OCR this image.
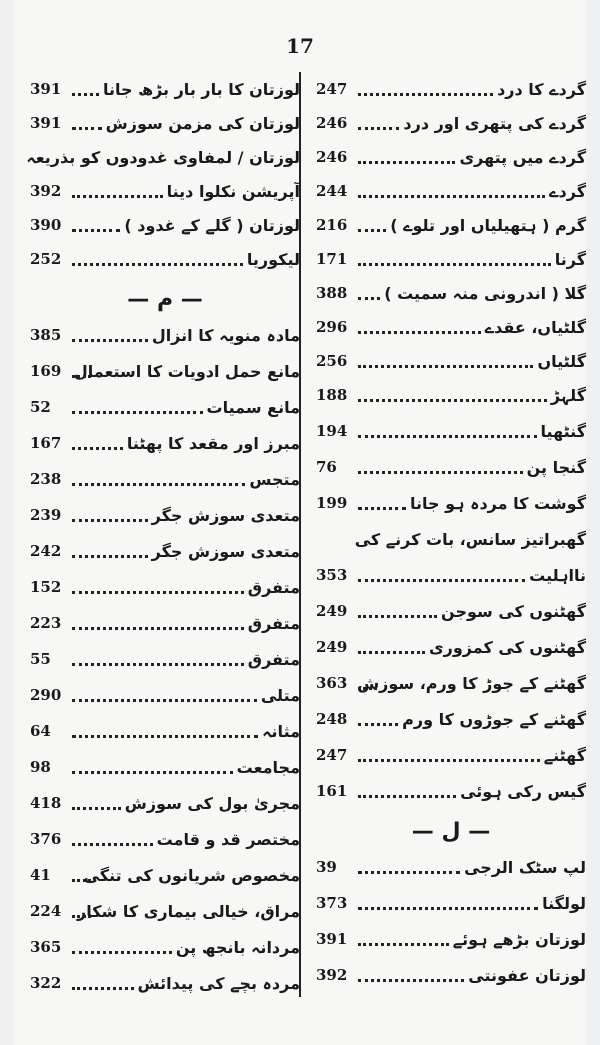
17
391	لوزتان کا بار بار بڑھ جانا
391	لوزتان کی مزمن سوزش
لوزتان / لمفاوی غدودوں کو بذریعہ
392	آپریشن نکلوا دینا
390	لوزتان ( گلے کے غدود )
252	لیکوریا
— م —
385	مادہ منویہ کا انزال
169 مانع حمل ادویات کا استعمال
52	مانع سمیات
167	مبرز اور مقعد کا پھٹنا
238	متجس
239	متعدی سوزش جگر
242	متعدی سوزش جگر
152	متفرق
223	متفرق
55	متفرق
290	متلی
64	مثانہ
98	مجامعت
418	مجریٰ بول کی سوزش
376	مختصر قد و قامت
41	مخصوص شریانوں کی تنگی
224 مراق، خیالی بیماری کا شکار
365	مردانہ بانجھ پن
322	مردہ بچے کی پیدائش
247	گردے کا درد
246	گردے کی پتھری اور درد
246	گردے میں پتھری
244	گردے
216	گرم ( ہتھیلیاں اور تلوے )
171	گرنا
388	گلا ( اندرونی منہ سمیت )
296	گلٹیاں، عقدے
256	گلٹیاں
188	گلہڑ
194	گنٹھیا
76	گنجا پن
199	گوشت کا مردہ ہو جانا
گھبراتیز سانس، بات کرنے کی
353	نااہلیت
249	گھٹنوں کی سوجن
249	گھٹنوں کی کمزوری
363 گھٹنے کے جوڑ کا ورم، سوزش
248	گھٹنے کے جوڑوں کا ورم
247	گھٹنے
161	گیس رکی ہوئی
— ل —
39	لپ سٹک الرجی
373	لولگنا
391	لوزتان بڑھے ہوئے
392	لوزتان عفونتی
